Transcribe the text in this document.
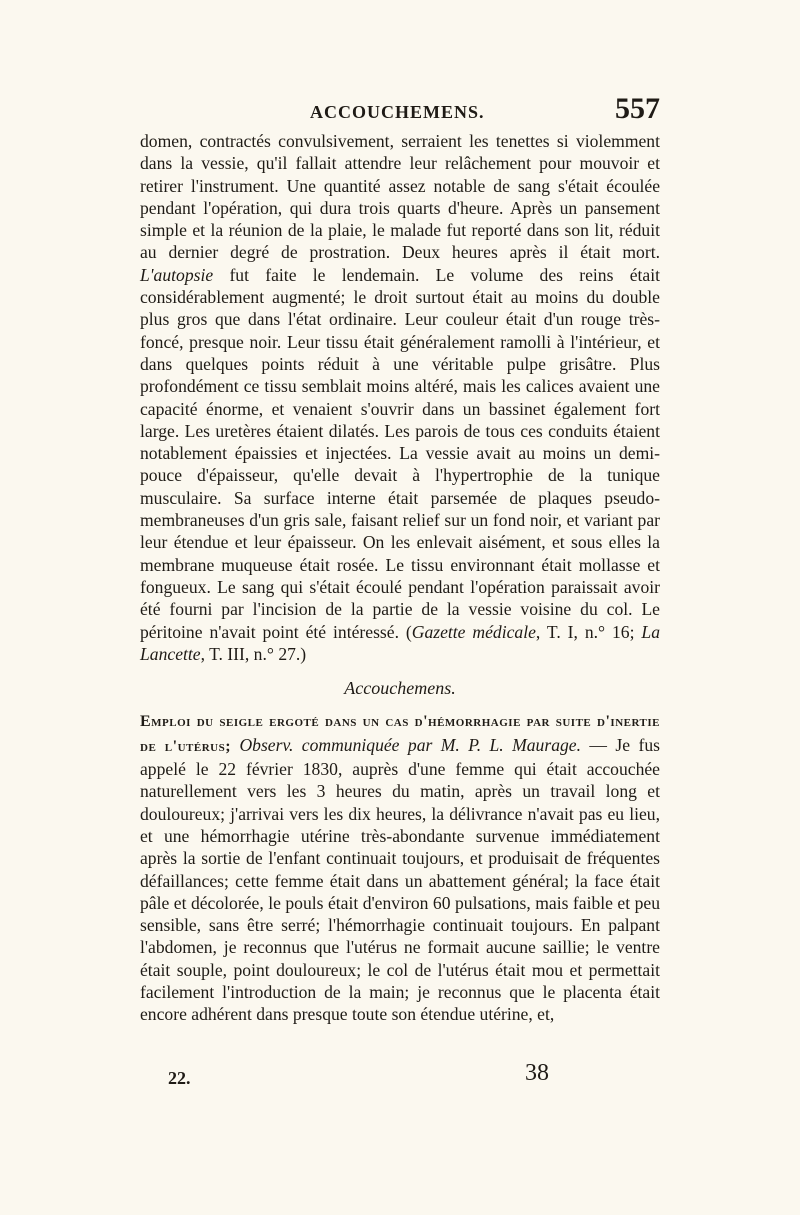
ACCOUCHEMENS.	557

domen, contractés convulsivement, serraient les tenettes si violemment dans la vessie, qu'il fallait attendre leur relâchement pour mouvoir et retirer l'instrument. Une quantité assez notable de sang s'était écoulée pendant l'opération, qui dura trois quarts d'heure. Après un pansement simple et la réunion de la plaie, le malade fut reporté dans son lit, réduit au dernier degré de prostration. Deux heures après il était mort. L'autopsie fut faite le lendemain. Le volume des reins était considérablement augmenté; le droit surtout était au moins du double plus gros que dans l'état ordinaire. Leur couleur était d'un rouge très-foncé, presque noir. Leur tissu était généralement ramolli à l'intérieur, et dans quelques points réduit à une véritable pulpe grisâtre. Plus profondément ce tissu semblait moins altéré, mais les calices avaient une capacité énorme, et venaient s'ouvrir dans un bassinet également fort large. Les uretères étaient dilatés. Les parois de tous ces conduits étaient notablement épaissies et injectées. La vessie avait au moins un demi-pouce d'épaisseur, qu'elle devait à l'hypertrophie de la tunique musculaire. Sa surface interne était parsemée de plaques pseudo-membraneuses d'un gris sale, faisant relief sur un fond noir, et variant par leur étendue et leur épaisseur. On les enlevait aisément, et sous elles la membrane muqueuse était rosée. Le tissu environnant était mollasse et fongueux. Le sang qui s'était écoulé pendant l'opération paraissait avoir été fourni par l'incision de la partie de la vessie voisine du col. Le péritoine n'avait point été intéressé. (Gazette médicale, T. I, n.° 16; La Lancette, T. III, n.° 27.)

Accouchemens.

Emploi du seigle ergoté dans un cas d'hémorrhagie par suite d'inertie de l'utérus; Observ. communiquée par M. P. L. Maurage. — Je fus appelé le 22 février 1830, auprès d'une femme qui était accouchée naturellement vers les 3 heures du matin, après un travail long et douloureux; j'arrivai vers les dix heures, la délivrance n'avait pas eu lieu, et une hémorrhagie utérine très-abondante survenue immédiatement après la sortie de l'enfant continuait toujours, et produisait de fréquentes défaillances; cette femme était dans un abattement général; la face était pâle et décolorée, le pouls était d'environ 60 pulsations, mais faible et peu sensible, sans être serré; l'hémorrhagie continuait toujours. En palpant l'abdomen, je reconnus que l'utérus ne formait aucune saillie; le ventre était souple, point douloureux; le col de l'utérus était mou et permettait facilement l'introduction de la main; je reconnus que le placenta était encore adhérent dans presque toute son étendue utérine, et,

22.	38
